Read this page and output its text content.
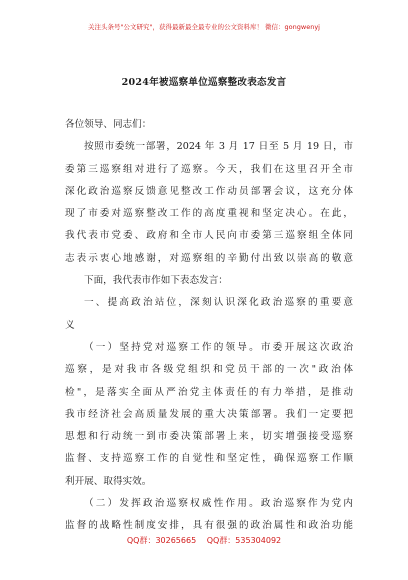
关注头条号"公文研究"，获得最新最全最专业的公文资料库！ 微信：gongwenyj
2024年被巡察单位巡察整改表态发言
各位领导、同志们：
按照市委统一部署，2024 年 3 月 17 日至 5 月 19 日，市
委第三巡察组对进行了巡察。今天，我们在这里召开全市
深化政治巡察反馈意见整改工作动员部署会议，这充分体
现了市委对巡察整改工作的高度重视和坚定决心。在此，
我代表市党委、政府和全市人民向市委第三巡察组全体同
志表示衷心地感谢，对巡察组的辛勤付出致以崇高的敬意
下面，我代表市作如下表态发言：
一、提高政治站位，深刻认识深化政治巡察的重要意
义
（一）坚持党对巡察工作的领导。市委开展这次政治
巡察，是对我市各级党组织和党员干部的一次"政治体
检"，是落实全面从严治党主体责任的有力举措，是推动
我市经济社会高质量发展的重大决策部署。我们一定要把
思想和行动统一到市委决策部署上来，切实增强接受巡察
监督、支持巡察工作的自觉性和坚定性，确保巡察工作顺
利开展、取得实效。
（二）发挥政治巡察权威性作用。政治巡察作为党内
监督的战略性制度安排，具有很强的政治属性和政治功能
QQ群：30265665 QQ群：535304092
